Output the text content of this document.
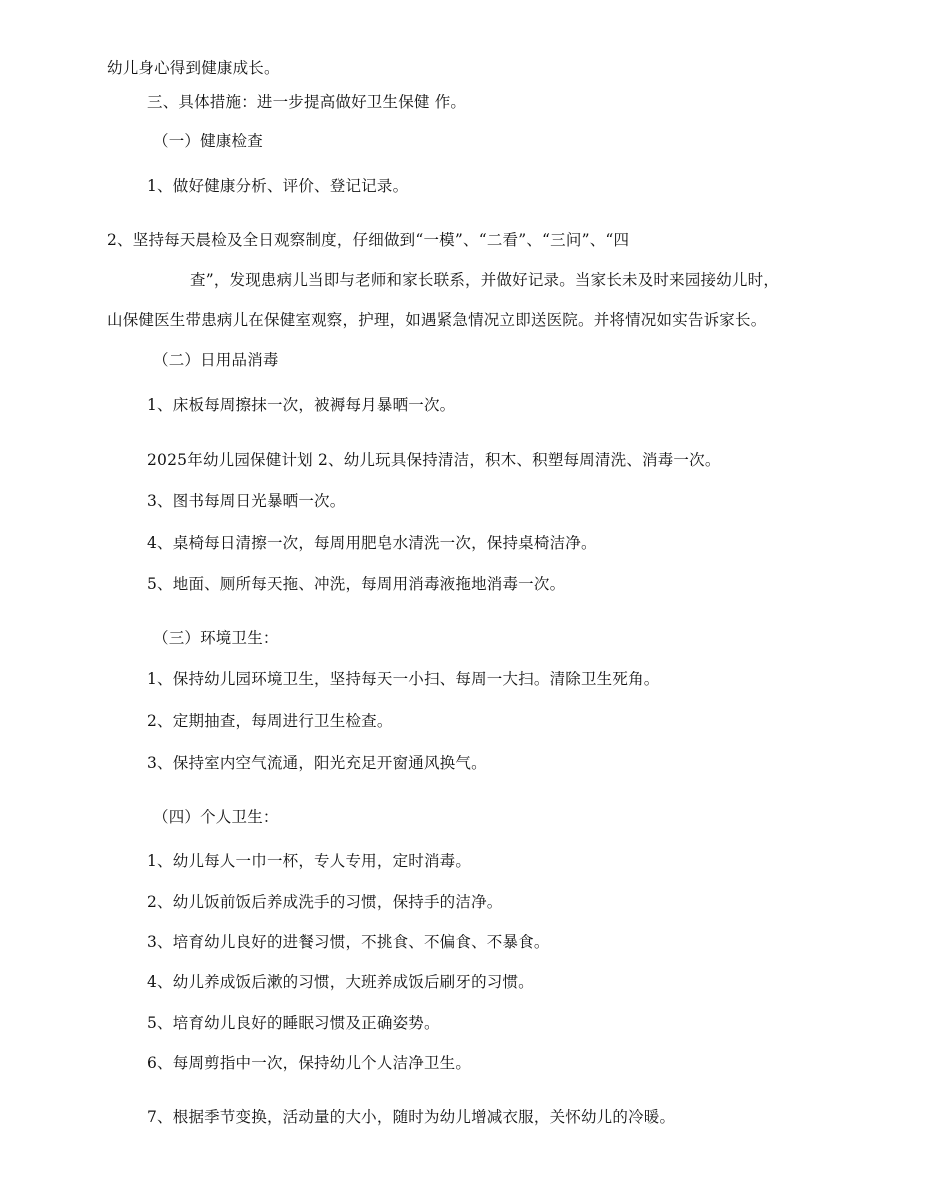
幼儿身心得到健康成长。
三、具体措施：进一步提高做好卫生保健 作。
（一）健康检查
1、做好健康分析、评价、登记记录。
2、坚持每天晨检及全日观察制度，仔细做到“一模”、“二看”、“三问”、“四
查”，发现患病儿当即与老师和家长联系，并做好记录。当家长未及时来园接幼儿时，
山保健医生带患病儿在保健室观察，护理，如遇紧急情况立即送医院。并将情况如实告诉家长。
（二）日用品消毒
1、床板每周擦抹一次，被褥每月暴晒一次。
2025年幼儿园保健计划 2、幼儿玩具保持清洁，积木、积塑每周清洗、消毒一次。
3、图书每周日光暴晒一次。
4、桌椅每日清擦一次，每周用肥皂水清洗一次，保持桌椅洁净。
5、地面、厕所每天拖、冲洗，每周用消毒液拖地消毒一次。
（三）环境卫生：
1、保持幼儿园环境卫生，坚持每天一小扫、每周一大扫。清除卫生死角。
2、定期抽查，每周进行卫生检查。
3、保持室内空气流通，阳光充足开窗通风换气。
（四）个人卫生：
1、幼儿每人一巾一杯，专人专用，定时消毒。
2、幼儿饭前饭后养成洗手的习惯，保持手的洁净。
3、培育幼儿良好的进餐习惯，不挑食、不偏食、不暴食。
4、幼儿养成饭后漱的习惯，大班养成饭后刷牙的习惯。
5、培育幼儿良好的睡眠习惯及正确姿势。
6、每周剪指中一次，保持幼儿个人洁净卫生。
7、根据季节变换，活动量的大小，随时为幼儿增减衣服，关怀幼儿的冷暖。
